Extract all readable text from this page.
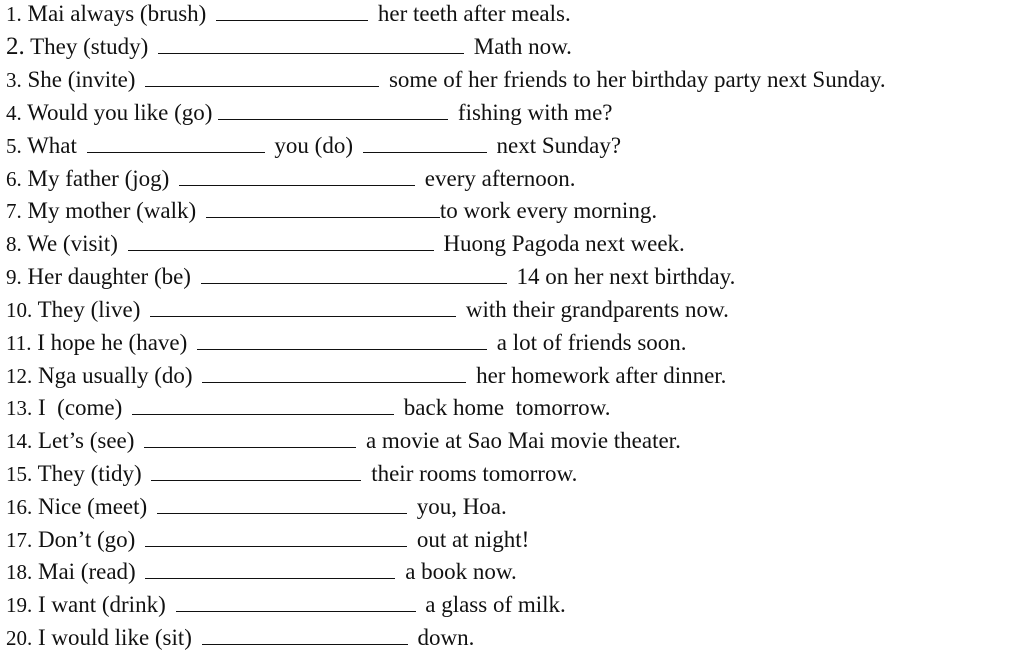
1. Mai always (brush)	her teeth after meals.
2. They (study)	Math now.
3. She (invite)	some of her friends to her birthday party next Sunday.
4. Would you like (go)	fishing with me?
5. What	you (do)	next Sunday?
6. My father (jog)	every afternoon.
7. My mother (walk)	to work every morning.
8. We (visit)	Huong Pagoda next week.
9. Her daughter (be)	14 on her next birthday.
10. They (live)	with their grandparents now.
11. I hope he (have)	a lot of friends soon.
12. Nga usually (do)	her homework after dinner.
13. I  (come)	back home  tomorrow.
14. Let’s (see)	a movie at Sao Mai movie theater.
15. They (tidy)	their rooms tomorrow.
16. Nice (meet)	you, Hoa.
17. Don’t (go)	out at night!
18. Mai (read)	a book now.
19. I want (drink)	a glass of milk.
20. I would like (sit)	down.
